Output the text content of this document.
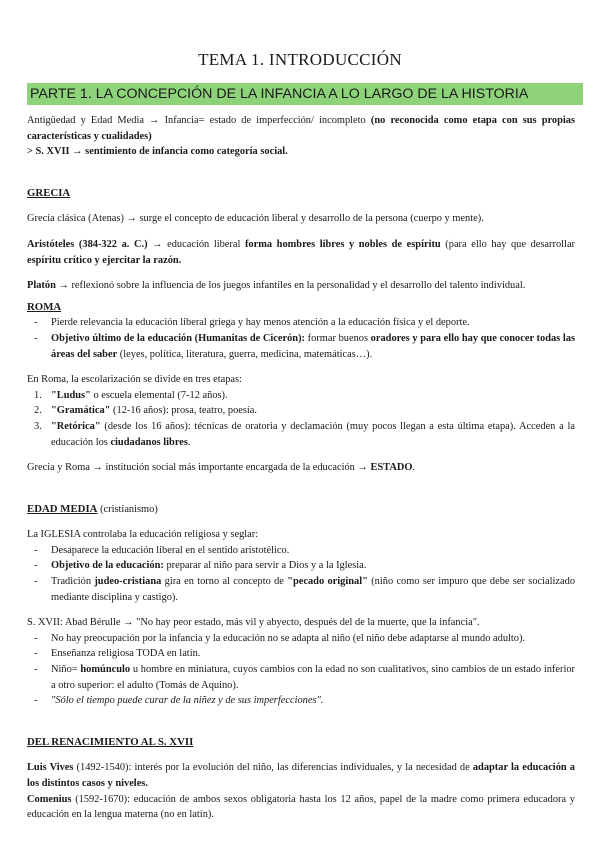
TEMA 1. INTRODUCCIÓN
PARTE 1. LA CONCEPCIÓN DE LA INFANCIA A LO LARGO DE LA HISTORIA

Antigüedad y Edad Media → Infancia= estado de imperfección/ incompleto (no reconocida como etapa con sus propias características y cualidades)

> S. XVII → sentimiento de infancia como categoría social.

GRECIA

Grecia clásica (Atenas) → surge el concepto de educación liberal y desarrollo de la persona (cuerpo y mente).

Aristóteles (384-322 a. C.) → educación liberal forma hombres libres y nobles de espíritu (para ello hay que desarrollar espíritu crítico y ejercitar la razón.

Platón → reflexionó sobre la influencia de los juegos infantiles en la personalidad y el desarrollo del talento individual.

ROMA

- Pierde relevancia la educación liberal griega y hay menos atención a la educación física y el deporte.
- Objetivo último de la educación (Humanitas de Cicerón): formar buenos oradores y para ello hay que conocer todas las áreas del saber (leyes, política, literatura, guerra, medicina, matemáticas…).

En Roma, la escolarización se divide en tres etapas:

1. "Ludus" o escuela elemental (7-12 años).
2. "Gramática" (12-16 años): prosa, teatro, poesía.
3. "Retórica" (desde los 16 años): técnicas de oratoria y declamación (muy pocos llegan a esta última etapa). Acceden a la educación los ciudadanos libres.

Grecia y Roma → institución social más importante encargada de la educación → ESTADO.

EDAD MEDIA (cristianismo)

La IGLESIA controlaba la educación religiosa y seglar:

- Desaparece la educación liberal en el sentido aristotélico.
- Objetivo de la educación: preparar al niño para servir a Dios y a la Iglesia.
- Tradición judeo-cristiana gira en torno al concepto de "pecado original" (niño como ser impuro que debe ser socializado mediante disciplina y castigo).

S. XVII: Abad Bérulle → "No hay peor estado, más vil y abyecto, después del de la muerte, que la infancia".

- No hay preocupación por la infancia y la educación no se adapta al niño (el niño debe adaptarse al mundo adulto).
- Enseñanza religiosa TODA en latín.
- Niño= homúnculo u hombre en miniatura, cuyos cambios con la edad no son cualitativos, sino cambios de un estado inferior a otro superior: el adulto (Tomás de Aquino).
- "Sólo el tiempo puede curar de la niñez y de sus imperfecciones".

DEL RENACIMIENTO AL S. XVII

Luis Vives (1492-1540): interés por la evolución del niño, las diferencias individuales, y la necesidad de adaptar la educación a los distintos casos y niveles.

Comenius (1592-1670): educación de ambos sexos obligatoria hasta los 12 años, papel de la madre como primera educadora y educación en la lengua materna (no en latín).
